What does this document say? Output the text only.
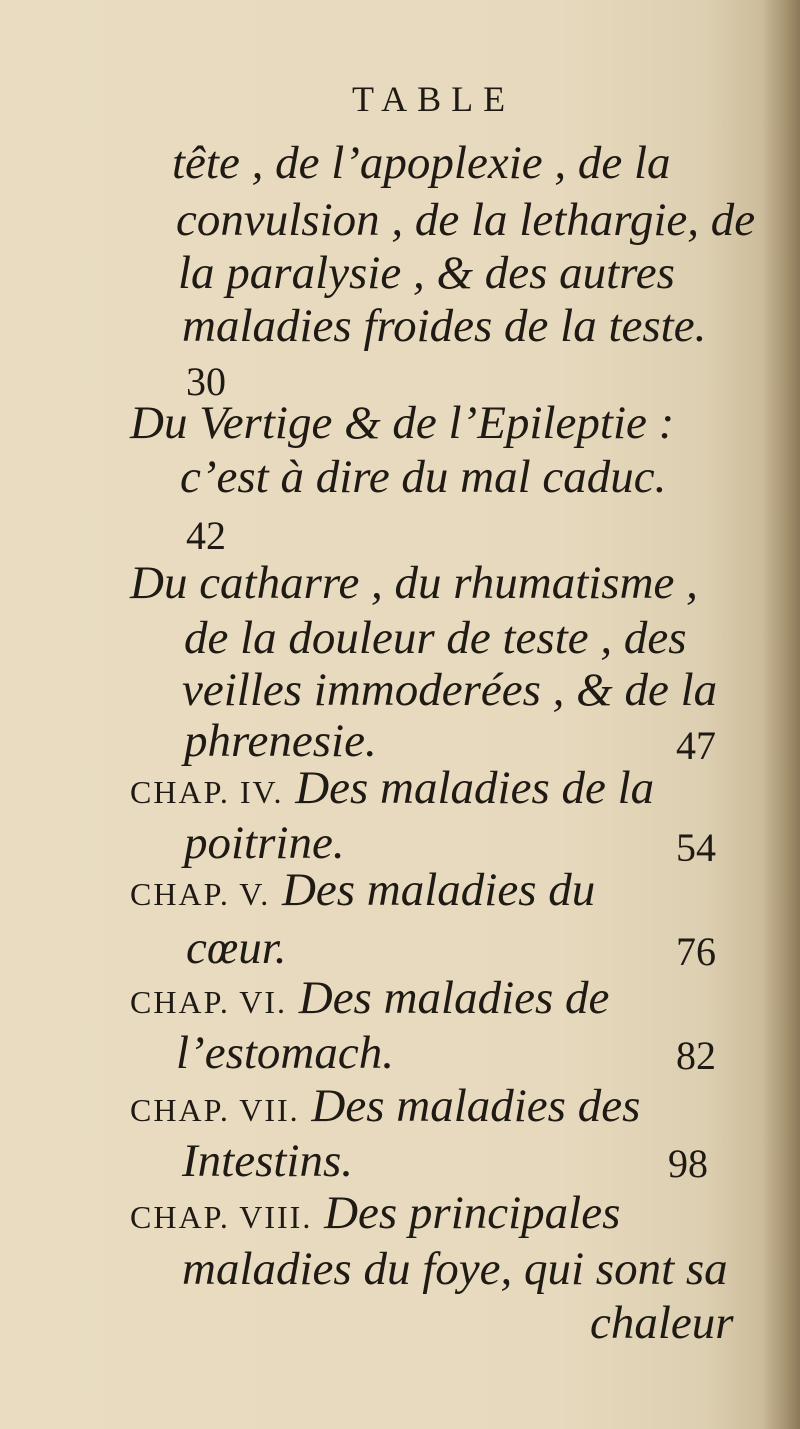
TABLE
tête , de l’apoplexie , de la
convulsion , de la lethargie, de
la paralysie , & des autres
maladies froides de la teste.
30
Du Vertige & de l’Epileptie :
c’est à dire du mal caduc.
42
Du catharre , du rhumatisme ,
de la douleur de teste , des
veilles immoderées , & de la
phrenesie.	47
CHAP. IV. Des maladies de la
poitrine.	54
CHAP. V. Des maladies du
cœur.	76
CHAP. VI. Des maladies de
l’estomach.	82
CHAP. VII. Des maladies des
Intestins.	98
CHAP. VIII. Des principales
maladies du foye, qui sont sa
chaleur
